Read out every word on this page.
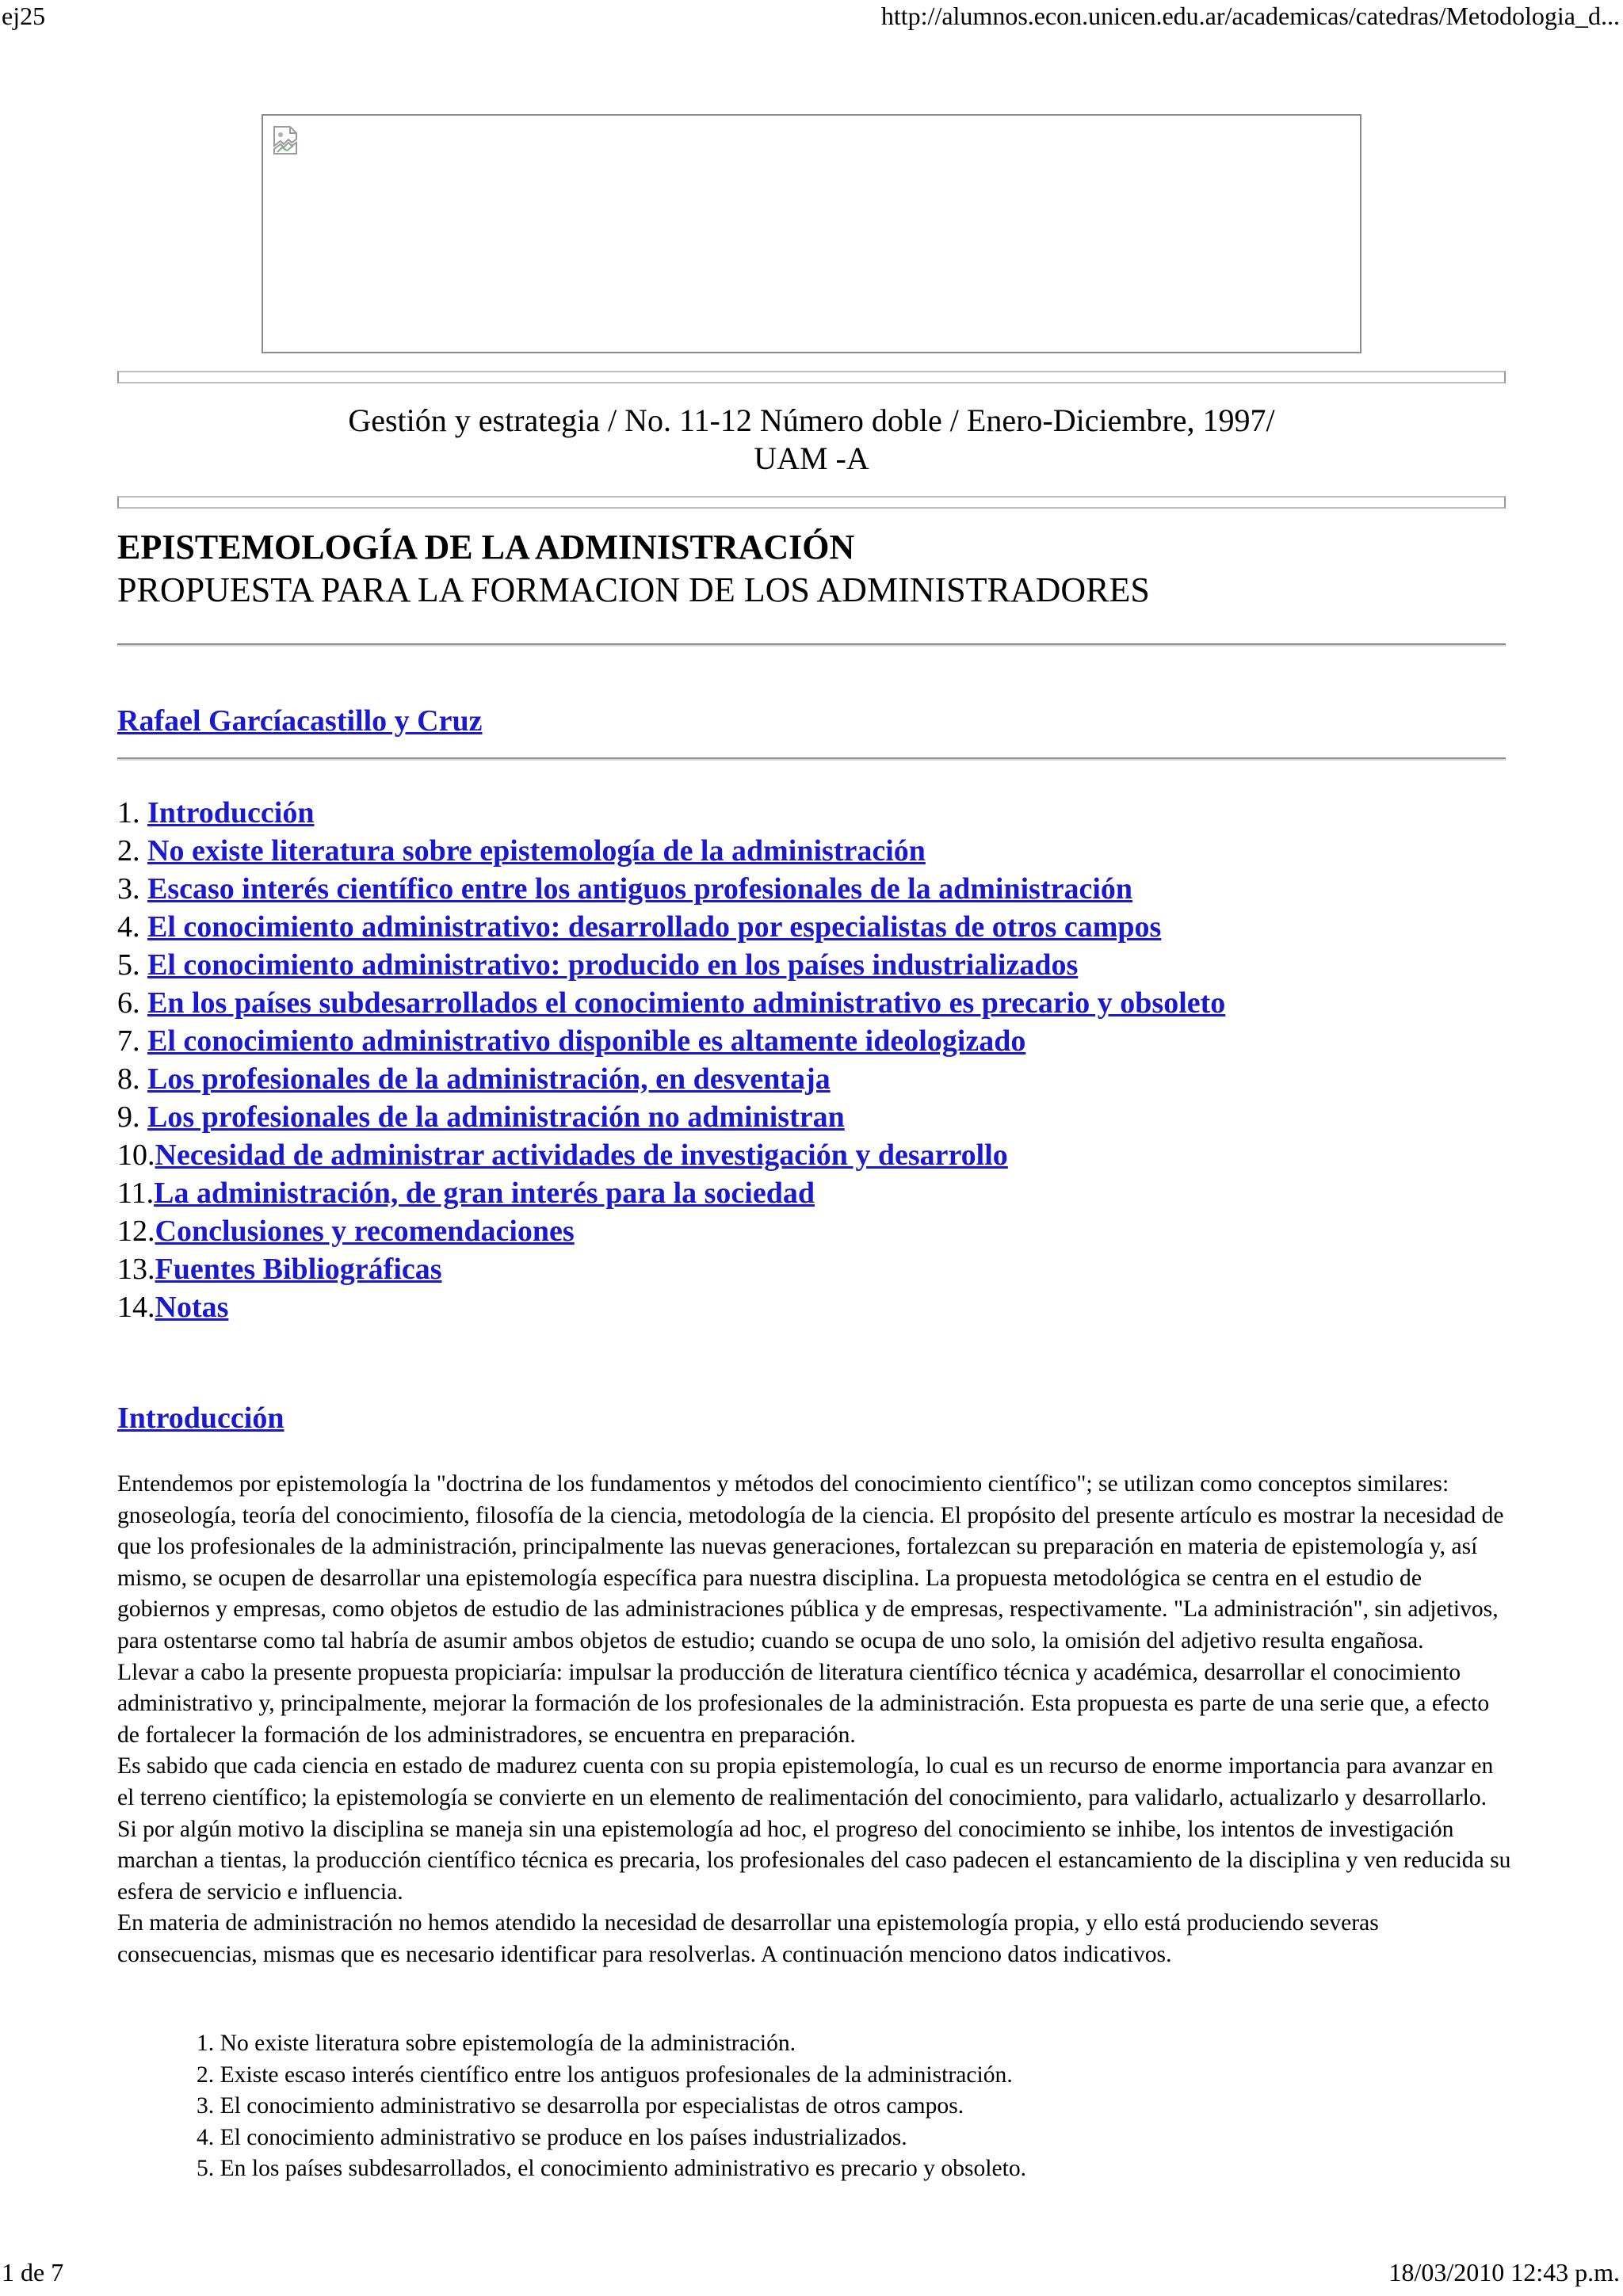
ej25	http://alumnos.econ.unicen.edu.ar/academicas/catedras/Metodologia_d...
Gestión y estrategia / No. 11-12 Número doble / Enero-Diciembre, 1997/
UAM -A
EPISTEMOLOGÍA DE LA ADMINISTRACIÓN
PROPUESTA PARA LA FORMACION DE LOS ADMINISTRADORES
Rafael Garcíacastillo y Cruz
1. Introducción
2. No existe literatura sobre epistemología de la administración
3. Escaso interés científico entre los antiguos profesionales de la administración
4. El conocimiento administrativo: desarrollado por especialistas de otros campos
5. El conocimiento administrativo: producido en los países industrializados
6. En los países subdesarrollados el conocimiento administrativo es precario y obsoleto
7. El conocimiento administrativo disponible es altamente ideologizado
8. Los profesionales de la administración, en desventaja
9. Los profesionales de la administración no administran
10.Necesidad de administrar actividades de investigación y desarrollo
11.La administración, de gran interés para la sociedad
12.Conclusiones y recomendaciones
13.Fuentes Bibliográficas
14.Notas
Introducción

Entendemos por epistemología la "doctrina de los fundamentos y métodos del conocimiento científico"; se utilizan como conceptos similares: gnoseología, teoría del conocimiento, filosofía de la ciencia, metodología de la ciencia. El propósito del presente artículo es mostrar la necesidad de que los profesionales de la administración, principalmente las nuevas generaciones, fortalezcan su preparación en materia de epistemología y, así mismo, se ocupen de desarrollar una epistemología específica para nuestra disciplina. La propuesta metodológica se centra en el estudio de gobiernos y empresas, como objetos de estudio de las administraciones pública y de empresas, respectivamente. "La administración", sin adjetivos, para ostentarse como tal habría de asumir ambos objetos de estudio; cuando se ocupa de uno solo, la omisión del adjetivo resulta engañosa.

Llevar a cabo la presente propuesta propiciaría: impulsar la producción de literatura científico técnica y académica, desarrollar el conocimiento administrativo y, principalmente, mejorar la formación de los profesionales de la administración. Esta propuesta es parte de una serie que, a efecto de fortalecer la formación de los administradores, se encuentra en preparación.

Es sabido que cada ciencia en estado de madurez cuenta con su propia epistemología, lo cual es un recurso de enorme importancia para avanzar en el terreno científico; la epistemología se convierte en un elemento de realimentación del conocimiento, para validarlo, actualizarlo y desarrollarlo. Si por algún motivo la disciplina se maneja sin una epistemología ad hoc, el progreso del conocimiento se inhibe, los intentos de investigación marchan a tientas, la producción científico técnica es precaria, los profesionales del caso padecen el estancamiento de la disciplina y ven reducida su esfera de servicio e influencia.

En materia de administración no hemos atendido la necesidad de desarrollar una epistemología propia, y ello está produciendo severas consecuencias, mismas que es necesario identificar para resolverlas. A continuación menciono datos indicativos.

1. No existe literatura sobre epistemología de la administración.
2. Existe escaso interés científico entre los antiguos profesionales de la administración.
3. El conocimiento administrativo se desarrolla por especialistas de otros campos.
4. El conocimiento administrativo se produce en los países industrializados.
5. En los países subdesarrollados, el conocimiento administrativo es precario y obsoleto.
1 de 7	18/03/2010 12:43 p.m.
